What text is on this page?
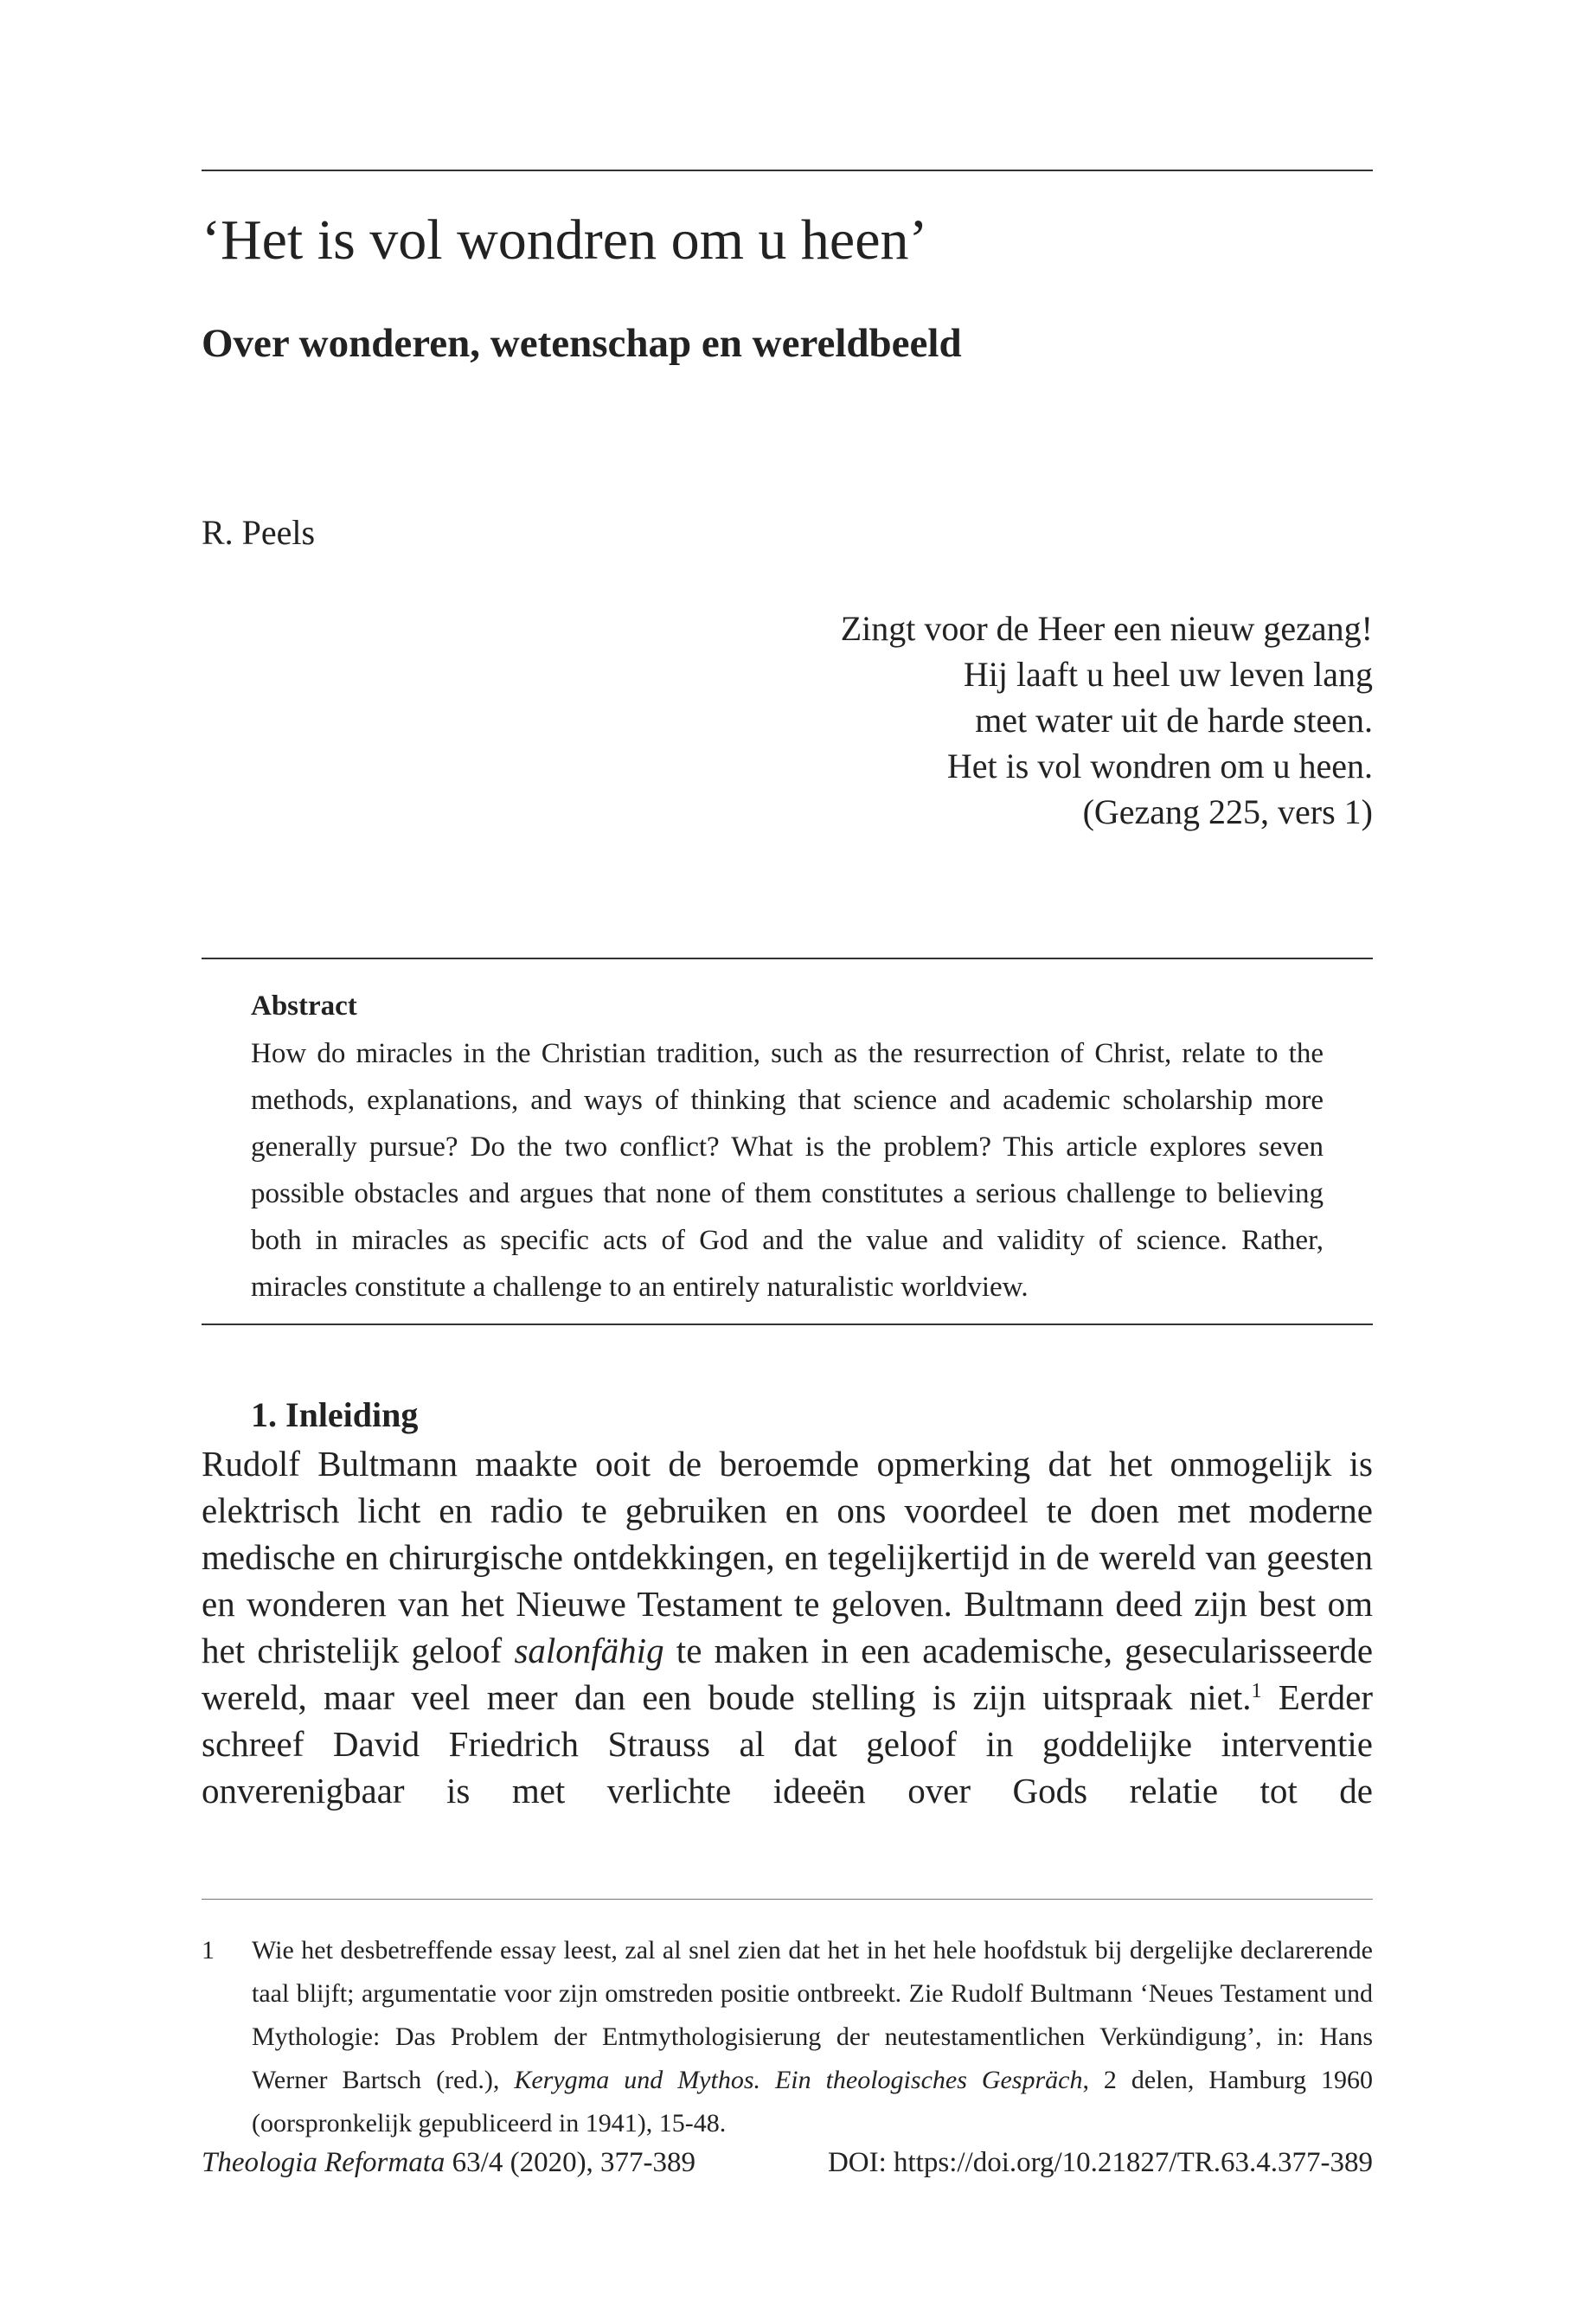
‘Het is vol wondren om u heen’
Over wonderen, wetenschap en wereldbeeld
R. Peels
Zingt voor de Heer een nieuw gezang!
Hij laaft u heel uw leven lang
met water uit de harde steen.
Het is vol wondren om u heen.
(Gezang 225, vers 1)
Abstract

How do miracles in the Christian tradition, such as the resurrection of Christ, relate to the methods, explanations, and ways of thinking that science and academic scholarship more generally pursue? Do the two conflict? What is the problem? This article explores seven possible obstacles and argues that none of them constitutes a serious challenge to believing both in miracles as specific acts of God and the value and validity of science. Rather, miracles constitute a challenge to an entirely naturalistic worldview.

1. Inleiding

Rudolf Bultmann maakte ooit de beroemde opmerking dat het onmogelijk is elektrisch licht en radio te gebruiken en ons voordeel te doen met moderne medische en chirurgische ontdekkingen, en tegelijkertijd in de wereld van geesten en wonderen van het Nieuwe Testament te geloven. Bultmann deed zijn best om het christelijk geloof salonfähig te maken in een academische, gesecularisseerde wereld, maar veel meer dan een boude stelling is zijn uitspraak niet.$^1$ Eerder schreef David Friedrich Strauss al dat geloof in goddelijke interventie onverenigbaar is met verlichte ideeën over Gods relatie tot de

1 Wie het desbetreffende essay leest, zal al snel zien dat het in het hele hoofdstuk bij dergelijke declarerende taal blijft; argumentatie voor zijn omstreden positie ontbreekt. Zie Rudolf Bultmann ‘Neues Testament und Mythologie: Das Problem der Entmythologisierung der neutestamentlichen Verkündigung’, in: Hans Werner Bartsch (red.), Kerygma und Mythos. Ein theologisches Gespräch, 2 delen, Hamburg 1960 (oorspronkelijk gepubliceerd in 1941), 15-48.
Theologia Reformata 63/4 (2020), 377-389	DOI: https://doi.org/10.21827/TR.63.4.377-389
